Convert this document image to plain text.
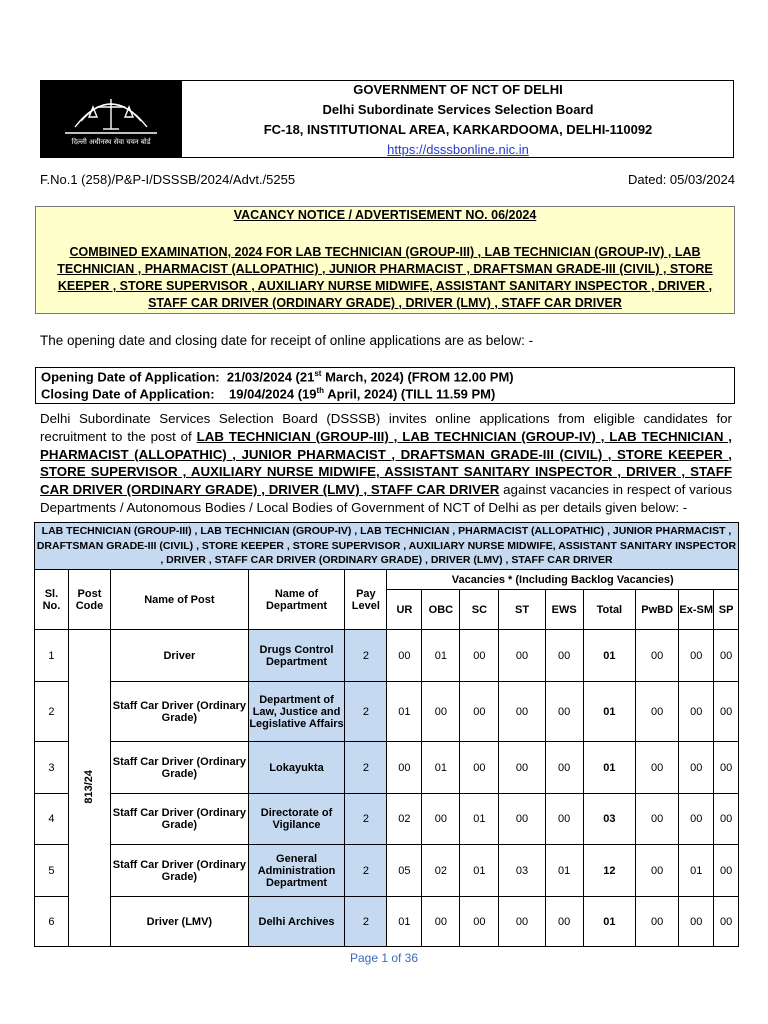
दिल्ली अधीनस्थ सेवा चयन बोर्ड
GOVERNMENT OF NCT OF DELHI
Delhi Subordinate Services Selection Board
FC-18, INSTITUTIONAL AREA, KARKARDOOMA, DELHI-110092
https://dsssbonline.nic.in
F.No.1 (258)/P&P-I/DSSSB/2024/Advt./5255	Dated: 05/03/2024
VACANCY NOTICE / ADVERTISEMENT NO. 06/2024
COMBINED EXAMINATION, 2024 FOR LAB TECHNICIAN (GROUP-III) , LAB TECHNICIAN (GROUP-IV) , LAB TECHNICIAN , PHARMACIST (ALLOPATHIC) , JUNIOR PHARMACIST , DRAFTSMAN GRADE-III (CIVIL) , STORE KEEPER , STORE SUPERVISOR , AUXILIARY NURSE MIDWIFE, ASSISTANT SANITARY INSPECTOR , DRIVER , STAFF CAR DRIVER (ORDINARY GRADE) , DRIVER (LMV) , STAFF CAR DRIVER
The opening date and closing date for receipt of online applications are as below: -
Opening Date of Application: 21/03/2024 (21st March, 2024) (FROM 12.00 PM)
Closing Date of Application: 19/04/2024 (19th April, 2024) (TILL 11.59 PM)
Delhi Subordinate Services Selection Board (DSSSB) invites online applications from eligible candidates for recruitment to the post of LAB TECHNICIAN (GROUP-III) , LAB TECHNICIAN (GROUP-IV) , LAB TECHNICIAN , PHARMACIST (ALLOPATHIC) , JUNIOR PHARMACIST , DRAFTSMAN GRADE-III (CIVIL) , STORE KEEPER , STORE SUPERVISOR , AUXILIARY NURSE MIDWIFE, ASSISTANT SANITARY INSPECTOR , DRIVER , STAFF CAR DRIVER (ORDINARY GRADE) , DRIVER (LMV) , STAFF CAR DRIVER against vacancies in respect of various Departments / Autonomous Bodies / Local Bodies of Government of NCT of Delhi as per details given below: -
LAB TECHNICIAN (GROUP-III) , LAB TECHNICIAN (GROUP-IV) , LAB TECHNICIAN , PHARMACIST (ALLOPATHIC) , JUNIOR PHARMACIST , DRAFTSMAN GRADE-III (CIVIL) , STORE KEEPER , STORE SUPERVISOR , AUXILIARY NURSE MIDWIFE, ASSISTANT SANITARY INSPECTOR , DRIVER , STAFF CAR DRIVER (ORDINARY GRADE) , DRIVER (LMV) , STAFF CAR DRIVER													
Sl. No.	Post Code	Name of Post	Name of Department	Pay Level	Vacancies * (Including Backlog Vacancies)								
					UR	OBC	SC	ST	EWS	Total	PwBD	Ex-SM	SP
1	813/24	Driver	Drugs Control Department	2	00	01	00	00	00	01	00	00	00
2		Staff Car Driver (Ordinary Grade)	Department of Law, Justice and Legislative Affairs	2	01	00	00	00	00	01	00	00	00
3		Staff Car Driver (Ordinary Grade)	Lokayukta	2	00	01	00	00	00	01	00	00	00
4		Staff Car Driver (Ordinary Grade)	Directorate of Vigilance	2	02	00	01	00	00	03	00	00	00
5		Staff Car Driver (Ordinary Grade)	General Administration Department	2	05	02	01	03	01	12	00	01	00
6		Driver (LMV)	Delhi Archives	2	01	00	00	00	00	01	00	00	00
Page 1 of 36
